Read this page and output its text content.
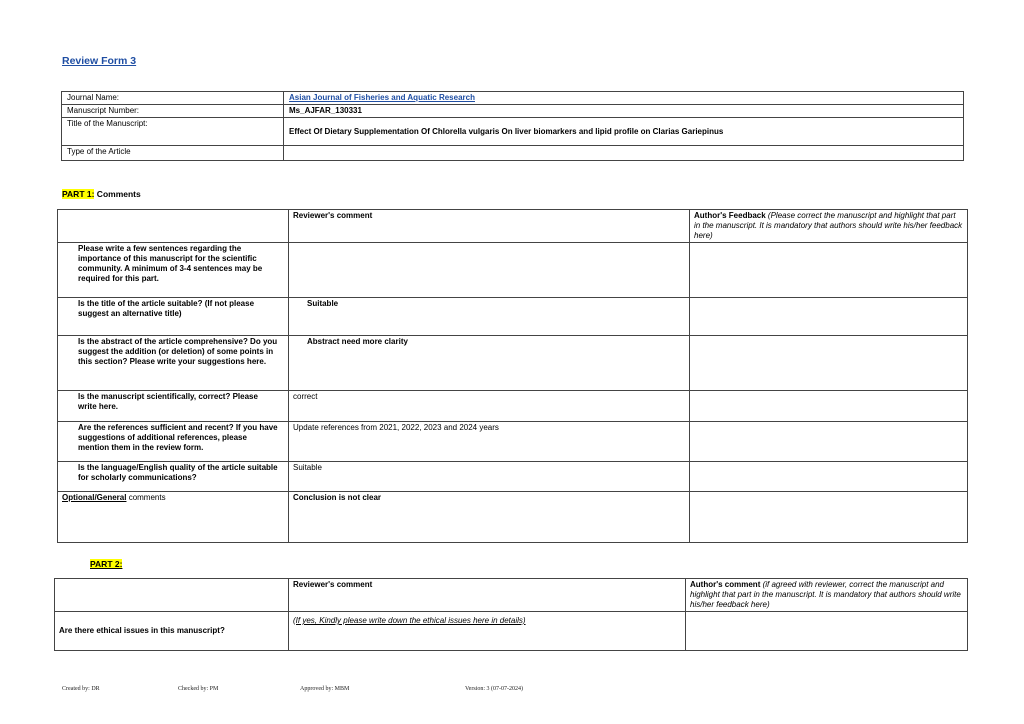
Review Form 3
Journal Name:	Asian Journal of Fisheries and Aquatic Research
Manuscript Number:	Ms_AJFAR_130331
Title of the Manuscript:	Effect Of Dietary Supplementation Of Chlorella vulgaris On liver biomarkers and lipid profile on Clarias Gariepinus
Type of the Article	
PART 1: Comments
	Reviewer's comment	Author's Feedback (Please correct the manuscript and highlight that part in the manuscript. It is mandatory that authors should write his/her feedback here)
Please write a few sentences regarding the importance of this manuscript for the scientific community. A minimum of 3-4 sentences may be required for this part.		
Is the title of the article suitable? (If not please suggest an alternative title)	Suitable	
Is the abstract of the article comprehensive? Do you suggest the addition (or deletion) of some points in this section? Please write your suggestions here.	Abstract need more clarity	
Is the manuscript scientifically, correct? Please write here.	correct	
Are the references sufficient and recent? If you have suggestions of additional references, please mention them in the review form.	Update references from 2021, 2022, 2023 and 2024 years	
Is the language/English quality of the article suitable for scholarly communications?	Suitable	
Optional/General comments	Conclusion is not clear	
PART 2:
	Reviewer's comment	Author's comment (if agreed with reviewer, correct the manuscript and highlight that part in the manuscript. It is mandatory that authors should write his/her feedback here)
Are there ethical issues in this manuscript?	(If yes, Kindly please write down the ethical issues here in details)	
Created by: DR	Checked by: PM	Approved by: MBM	Version: 3 (07-07-2024)
